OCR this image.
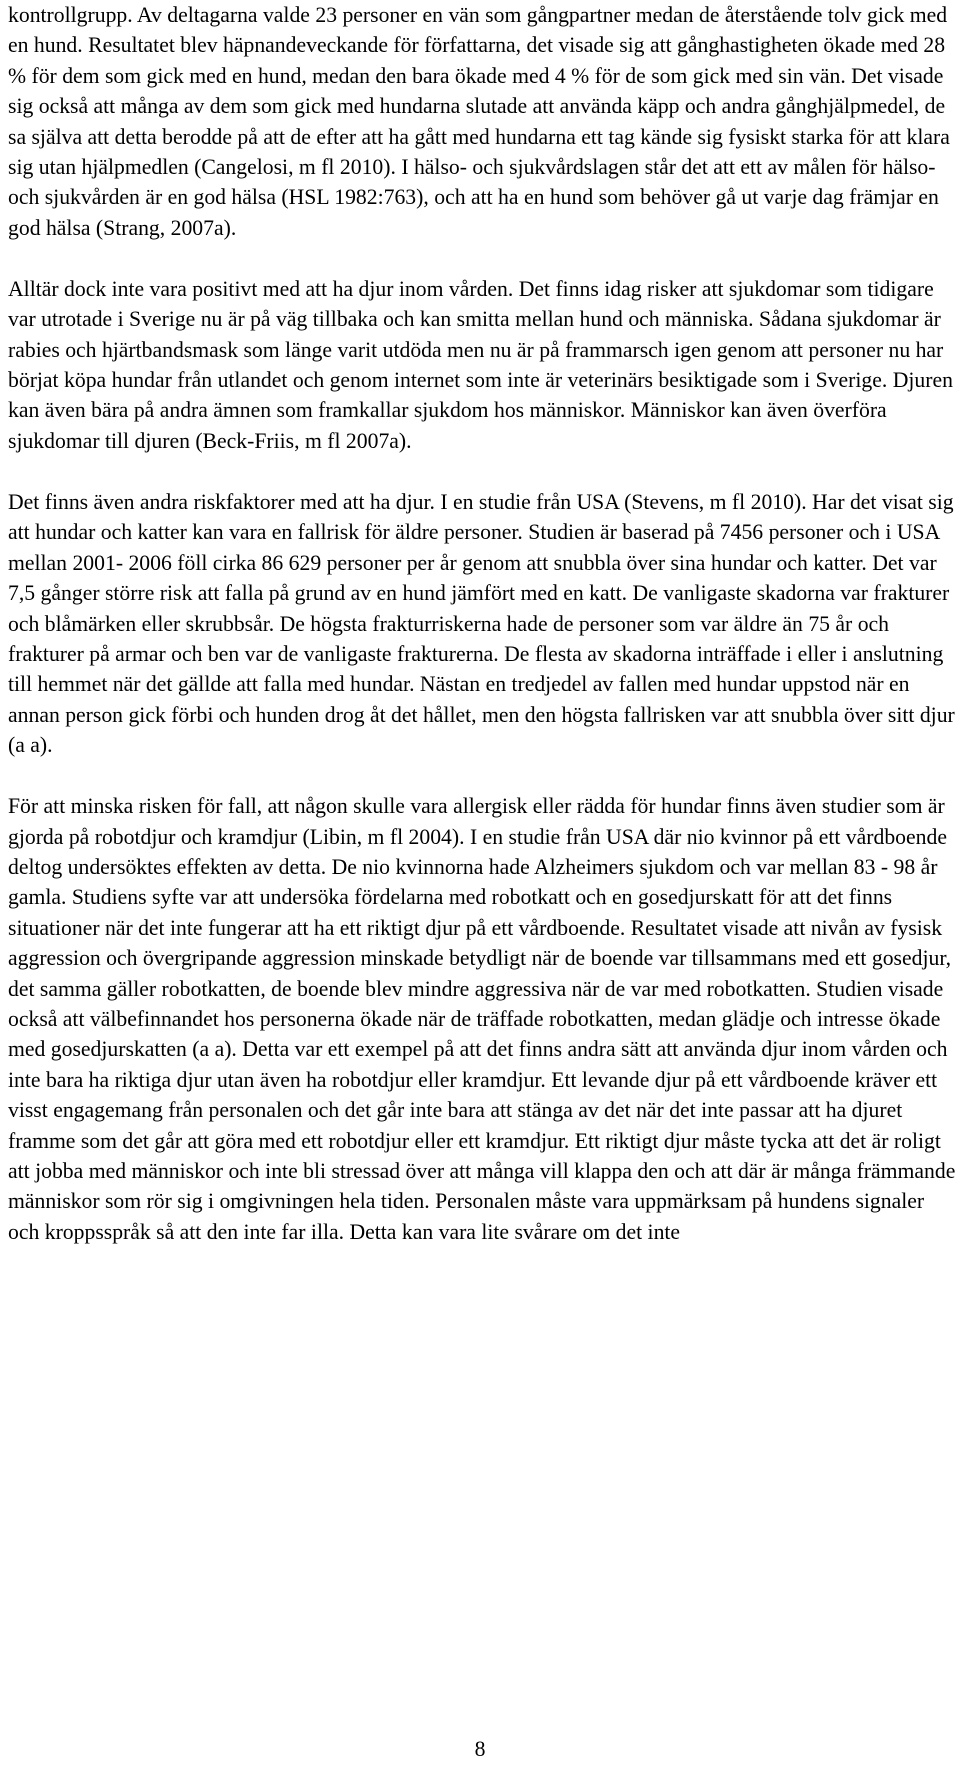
kontrollgrupp. Av deltagarna valde 23 personer en vän som gångpartner medan de återstående tolv gick med en hund. Resultatet blev häpnandeveckande för författarna, det visade sig att gånghastigheten ökade med 28 % för dem som gick med en hund, medan den bara ökade med 4 % för de som gick med sin vän. Det visade sig också att många av dem som gick med hundarna slutade att använda käpp och andra gånghjälpmedel, de sa själva att detta berodde på att de efter att ha gått med hundarna ett tag kände sig fysiskt starka för att klara sig utan hjälpmedlen (Cangelosi, m fl 2010). I hälso- och sjukvårdslagen står det att ett av målen för hälso- och sjukvården är en god hälsa (HSL 1982:763), och att ha en hund som behöver gå ut varje dag främjar en god hälsa (Strang, 2007a).

Alltär dock inte vara positivt med att ha djur inom vården. Det finns idag risker att sjukdomar som tidigare var utrotade i Sverige nu är på väg tillbaka och kan smitta mellan hund och människa. Sådana sjukdomar är rabies och hjärtbandsmask som länge varit utdöda men nu är på frammarsch igen genom att personer nu har börjat köpa hundar från utlandet och genom internet som inte är veterinärs besiktigade som i Sverige. Djuren kan även bära på andra ämnen som framkallar sjukdom hos människor. Människor kan även överföra sjukdomar till djuren (Beck-Friis, m fl 2007a).

Det finns även andra riskfaktorer med att ha djur. I en studie från USA (Stevens, m fl 2010). Har det visat sig att hundar och katter kan vara en fallrisk för äldre personer. Studien är baserad på 7456 personer och i USA mellan 2001- 2006 föll cirka 86 629 personer per år genom att snubbla över sina hundar och katter. Det var 7,5 gånger större risk att falla på grund av en hund jämfört med en katt. De vanligaste skadorna var frakturer och blåmärken eller skrubbsår. De högsta frakturriskerna hade de personer som var äldre än 75 år och frakturer på armar och ben var de vanligaste frakturerna. De flesta av skadorna inträffade i eller i anslutning till hemmet när det gällde att falla med hundar. Nästan en tredjedel av fallen med hundar uppstod när en annan person gick förbi och hunden drog åt det hållet, men den högsta fallrisken var att snubbla över sitt djur (a a).

För att minska risken för fall, att någon skulle vara allergisk eller rädda för hundar finns även studier som är gjorda på robotdjur och kramdjur (Libin, m fl 2004). I en studie från USA där nio kvinnor på ett vårdboende deltog undersöktes effekten av detta. De nio kvinnorna hade Alzheimers sjukdom och var mellan 83 - 98 år gamla. Studiens syfte var att undersöka fördelarna med robotkatt och en gosedjurskatt för att det finns situationer när det inte fungerar att ha ett riktigt djur på ett vårdboende. Resultatet visade att nivån av fysisk aggression och övergripande aggression minskade betydligt när de boende var tillsammans med ett gosedjur, det samma gäller robotkatten, de boende blev mindre aggressiva när de var med robotkatten. Studien visade också att välbefinnandet hos personerna ökade när de träffade robotkatten, medan glädje och intresse ökade med gosedjurskatten (a a). Detta var ett exempel på att det finns andra sätt att använda djur inom vården och inte bara ha riktiga djur utan även ha robotdjur eller kramdjur. Ett levande djur på ett vårdboende kräver ett visst engagemang från personalen och det går inte bara att stänga av det när det inte passar att ha djuret framme som det går att göra med ett robotdjur eller ett kramdjur. Ett riktigt djur måste tycka att det är roligt att jobba med människor och inte bli stressad över att många vill klappa den och att där är många främmande människor som rör sig i omgivningen hela tiden. Personalen måste vara uppmärksam på hundens signaler och kroppsspråk så att den inte far illa. Detta kan vara lite svårare om det inte

8
